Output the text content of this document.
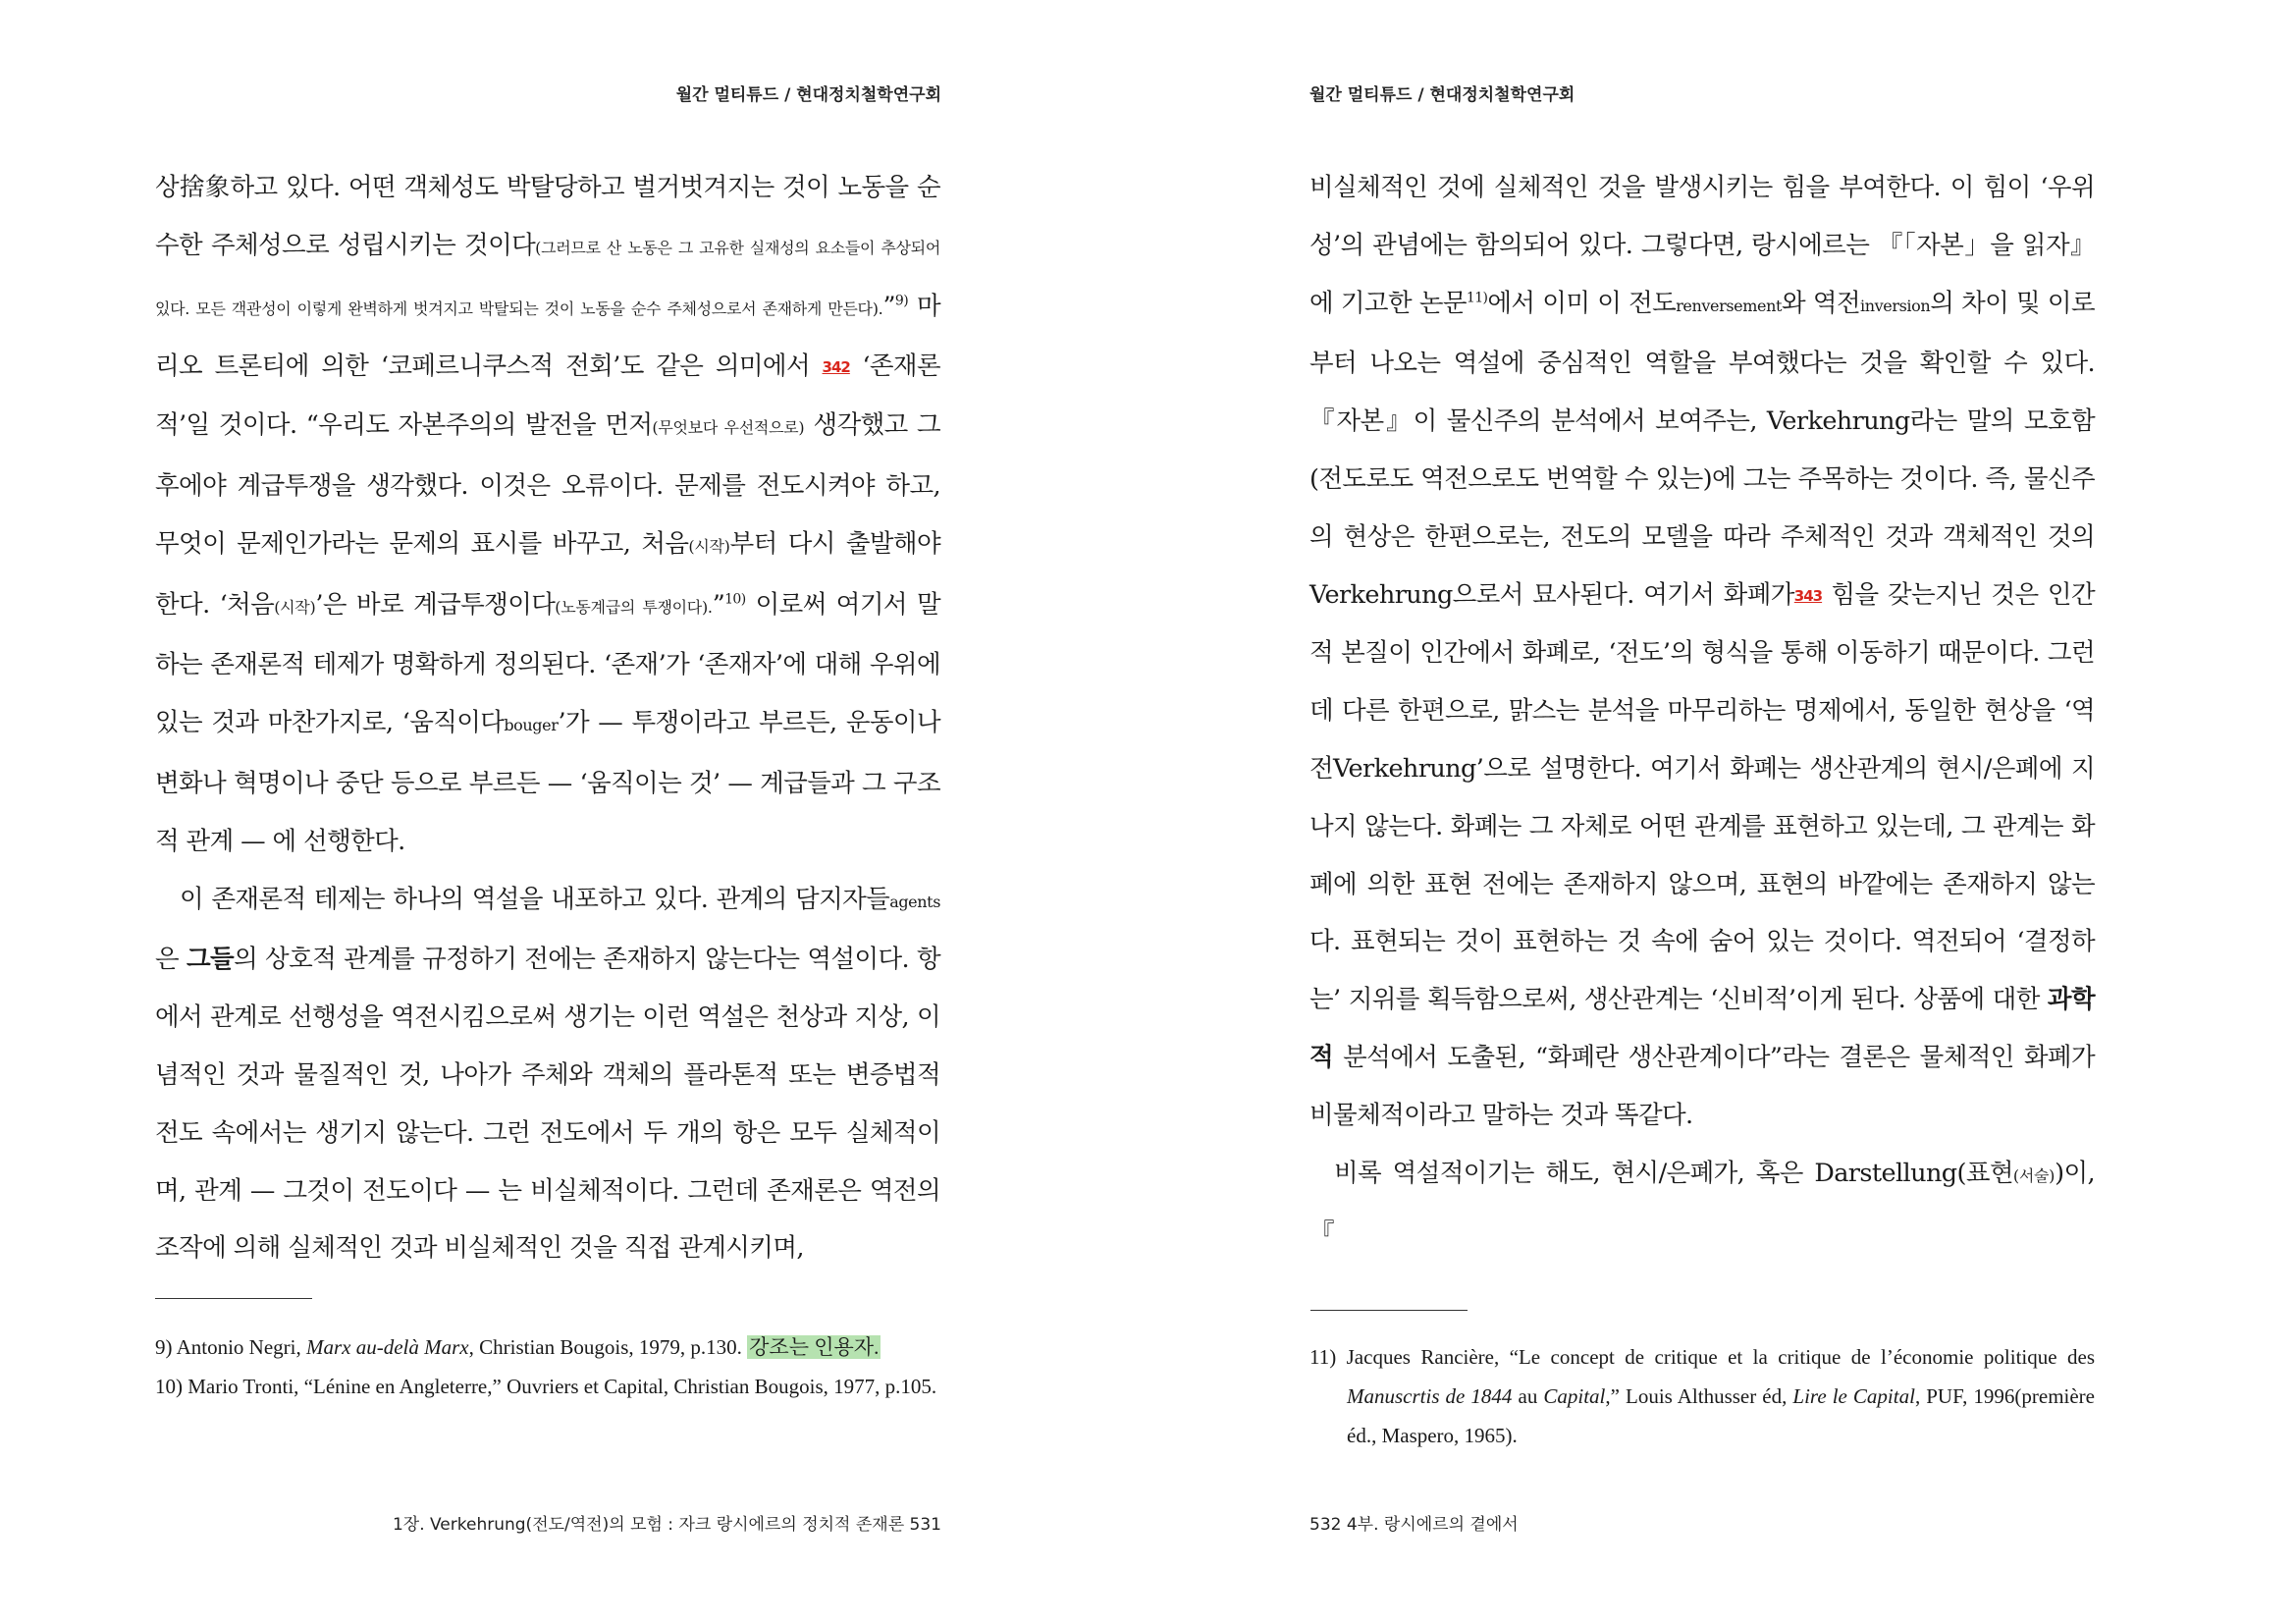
월간 멀티튜드 / 현대정치철학연구회

상捨象하고 있다. 어떤 객체성도 박탈당하고 벌거벗겨지는 것이 노동을 순수한 주체성으로 성립시키는 것이다(그러므로 산 노동은 그 고유한 실재성의 요소들이 추상되어 있다. 모든 객관성이 이렇게 완벽하게 벗겨지고 박탈되는 것이 노동을 순수 주체성으로서 존재하게 만든다).”$^{9)}$ 마리오 트론티에 의한 ‘코페르니쿠스적 전회’도 같은 의미에서 342 ‘존재론적’일 것이다. “우리도 자본주의의 발전을 먼저(무엇보다 우선적으로) 생각했고 그 후에야 계급투쟁을 생각했다. 이것은 오류이다. 문제를 전도시켜야 하고, 무엇이 문제인가라는 문제의 표시를 바꾸고, 처음(시작)부터 다시 출발해야 한다. ‘처음(시작)’은 바로 계급투쟁이다(노동계급의 투쟁이다).”$^{10)}$ 이로써 여기서 말하는 존재론적 테제가 명확하게 정의된다. ‘존재’가 ‘존재자’에 대해 우위에 있는 것과 마찬가지로, ‘움직이다bouger’가 — 투쟁이라고 부르든, 운동이나 변화나 혁명이나 중단 등으로 부르든 — ‘움직이는 것’ — 계급들과 그 구조적 관계 — 에 선행한다.

이 존재론적 테제는 하나의 역설을 내포하고 있다. 관계의 담지자들agents은 그들의 상호적 관계를 규정하기 전에는 존재하지 않는다는 역설이다. 항에서 관계로 선행성을 역전시킴으로써 생기는 이런 역설은 천상과 지상, 이념적인 것과 물질적인 것, 나아가 주체와 객체의 플라톤적 또는 변증법적 전도 속에서는 생기지 않는다. 그런 전도에서 두 개의 항은 모두 실체적이며, 관계 — 그것이 전도이다 — 는 비실체적이다. 그런데 존재론은 역전의 조작에 의해 실체적인 것과 비실체적인 것을 직접 관계시키며,

9) Antonio Negri, Marx au-delà Marx, Christian Bougois, 1979, p.130. 강조는 인용자.
10) Mario Tronti, “Lénine en Angleterre,” Ouvriers et Capital, Christian Bougois, 1977, p.105.
1장. Verkehrung(전도/역전)의 모험 : 자크 랑시에르의 정치적 존재론 531
월간 멀티튜드 / 현대정치철학연구회

비실체적인 것에 실체적인 것을 발생시키는 힘을 부여한다. 이 힘이 ‘우위성’의 관념에는 함의되어 있다. 그렇다면, 랑시에르는 『「자본」을 읽자』에 기고한 논문$^{11)}$에서 이미 이 전도renversement와 역전inversion의 차이 및 이로부터 나오는 역설에 중심적인 역할을 부여했다는 것을 확인할 수 있다. 『자본』이 물신주의 분석에서 보여주는, Verkehrung라는 말의 모호함(전도로도 역전으로도 번역할 수 있는)에 그는 주목하는 것이다. 즉, 물신주의 현상은 한편으로는, 전도의 모델을 따라 주체적인 것과 객체적인 것의 Verkehrung으로서 묘사된다. 여기서 화폐가343 힘을 갖는지닌 것은 인간적 본질이 인간에서 화폐로, ‘전도’의 형식을 통해 이동하기 때문이다. 그런데 다른 한편으로, 맑스는 분석을 마무리하는 명제에서, 동일한 현상을 ‘역전Verkehrung’으로 설명한다. 여기서 화폐는 생산관계의 현시/은폐에 지나지 않는다. 화폐는 그 자체로 어떤 관계를 표현하고 있는데, 그 관계는 화폐에 의한 표현 전에는 존재하지 않으며, 표현의 바깥에는 존재하지 않는다. 표현되는 것이 표현하는 것 속에 숨어 있는 것이다. 역전되어 ‘결정하는’ 지위를 획득함으로써, 생산관계는 ‘신비적’이게 된다. 상품에 대한 과학적 분석에서 도출된, “화폐란 생산관계이다”라는 결론은 물체적인 화폐가 비물체적이라고 말하는 것과 똑같다.

비록 역설적이기는 해도, 현시/은폐가, 혹은 Darstellung(표현(서술))이, 『

11) Jacques Rancière, “Le concept de critique et la critique de l’économie politique des Manuscrtis de 1844 au Capital,” Louis Althusser éd, Lire le Capital, PUF, 1996(première éd., Maspero, 1965).
532 4부. 랑시에르의 곁에서
